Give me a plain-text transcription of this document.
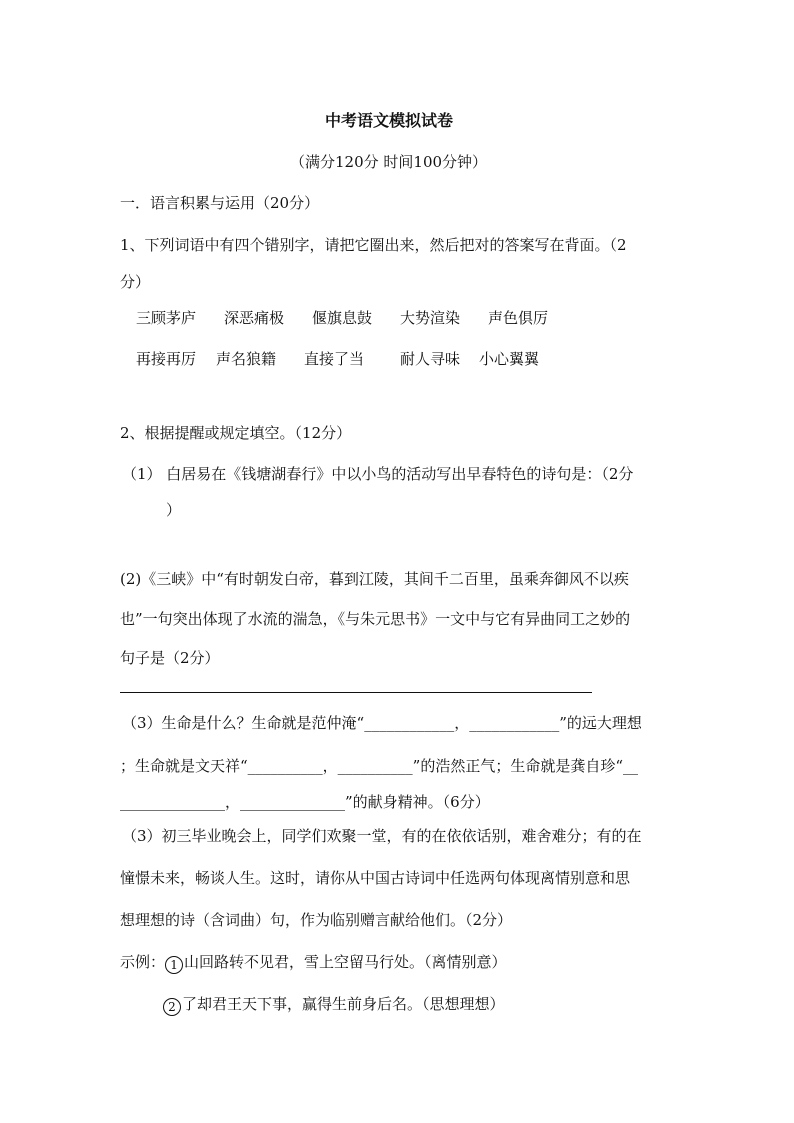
中考语文模拟试卷
（满分120分 时间100分钟）
一．语言积累与运用（20分）
1、下列词语中有四个错别字，请把它圈出来，然后把对的答案写在背面。（2
分）
三顾茅庐 深恶痛极 偃旗息鼓 大势渲染 声色俱厉
再接再厉 声名狼籍 直接了当 耐人寻味 小心翼翼
2、根据提醒或规定填空。（12分）
（1） 白居易在《钱塘湖春行》中以小鸟的活动写出早春特色的诗句是：（2分
）
(2)《三峡》中“有时朝发白帝，暮到江陵，其间千二百里，虽乘奔御风不以疾
也”一句突出体现了水流的湍急，《与朱元思书》一文中与它有异曲同工之妙的
句子是（2分）
（3）生命是什么？生命就是范仲淹“____________，____________”的远大理想
；生命就是文天祥“__________，__________”的浩然正气；生命就是龚自珍“__
______________，______________”的献身精神。（6分）
（3）初三毕业晚会上，同学们欢聚一堂，有的在依依话别，难舍难分；有的在
憧憬未来，畅谈人生。这时，请你从中国古诗词中任选两句体现离情别意和思
想理想的诗（含词曲）句，作为临别赠言献给他们。（2分）
示例： 1 山回路转不见君，雪上空留马行处。（离情别意）
2 了却君王天下事，赢得生前身后名。（思想理想）
